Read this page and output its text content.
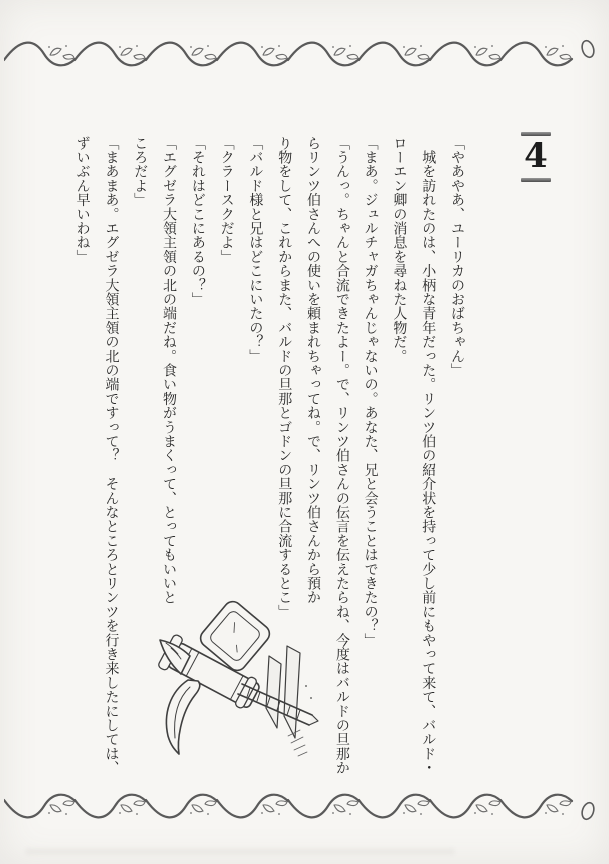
4

「やあやあ、ユーリカのおばちゃん」

　城を訪れたのは、小柄な青年だった。リンツ伯の紹介状を持って少し前にもやって来て、バルド・

ローエン卿の消息を尋ねた人物だ。

「まあ。ジュルチャガちゃんじゃないの。あなた、兄と会うことはできたの？」

「うんっ。ちゃんと合流できたよー。で、リンツ伯さんの伝言を伝えたらね、今度はバルドの旦那か

らリンツ伯さんへの使いを頼まれちゃってね。で、リンツ伯さんから預か

り物をして、これからまた、バルドの旦那とゴドンの旦那に合流するとこ」

「バルド様と兄はどこにいたの？」

「クラースクだよ」

「それはどこにあるの？」

「エグゼラ大領主領の北の端だね。食い物がうまくって、とってもいいと

ころだよ」

「まあまあ。エグゼラ大領主領の北の端ですって？　そんなところとリンツを行き来したにしては、

ずいぶん早いわね」
